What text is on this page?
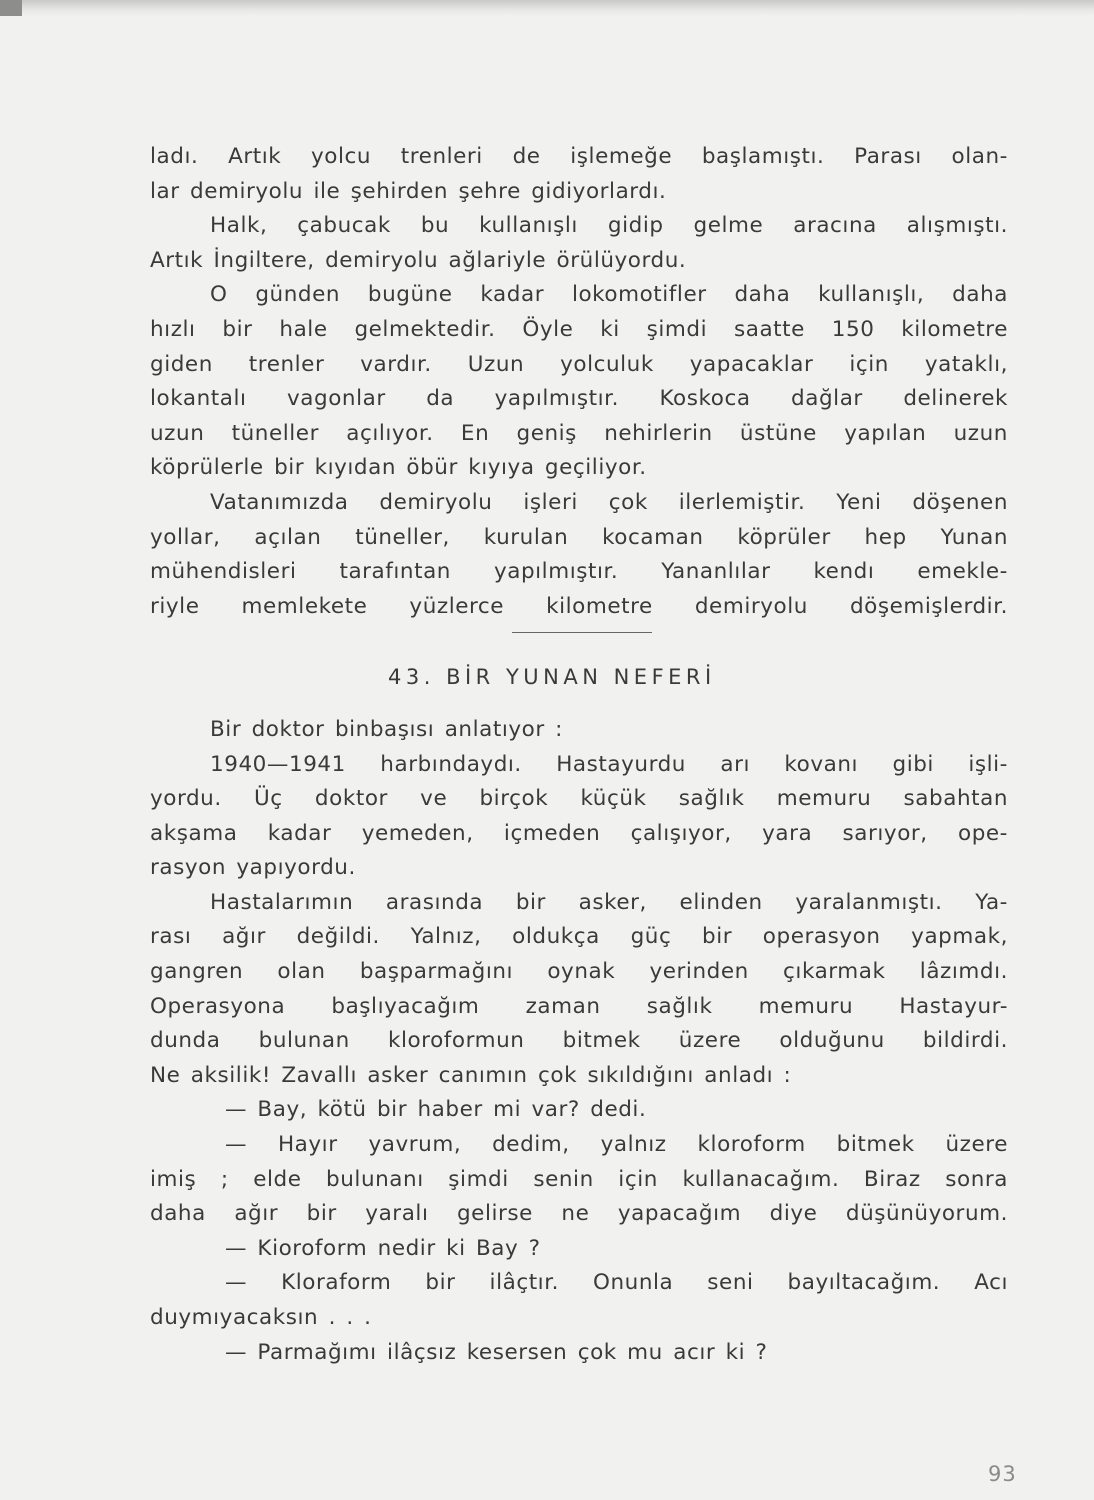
ladı. Artık yolcu trenleri de işlemeğe başlamıştı. Parası olan-
lar demiryolu ile şehirden şehre gidiyorlardı.
Halk, çabucak bu kullanışlı gidip gelme aracına alışmıştı.
Artık İngiltere, demiryolu ağlariyle örülüyordu.
O günden bugüne kadar lokomotifler daha kullanışlı, daha
hızlı bir hale gelmektedir. Öyle ki şimdi saatte 150 kilometre
giden trenler vardır. Uzun yolculuk yapacaklar için yataklı,
lokantalı vagonlar da yapılmıştır. Koskoca dağlar delinerek
uzun tüneller açılıyor. En geniş nehirlerin üstüne yapılan uzun
köprülerle bir kıyıdan öbür kıyıya geçiliyor.
Vatanımızda demiryolu işleri çok ilerlemiştir. Yeni döşenen
yollar, açılan tüneller, kurulan kocaman köprüler hep Yunan
mühendisleri tarafıntan yapılmıştır. Yananlılar kendı emekle-
riyle memlekete yüzlerce kilometre demiryolu döşemişlerdir.
43. BİR YUNAN NEFERİ
Bir doktor binbaşısı anlatıyor :
1940—1941 harbındaydı. Hastayurdu arı kovanı gibi işli-
yordu. Üç doktor ve birçok küçük sağlık memuru sabahtan
akşama kadar yemeden, içmeden çalışıyor, yara sarıyor, ope-
rasyon yapıyordu.
Hastalarımın arasında bir asker, elinden yaralanmıştı. Ya-
rası ağır değildi. Yalnız, oldukça güç bir operasyon yapmak,
gangren olan başparmağını oynak yerinden çıkarmak lâzımdı.
Operasyona başlıyacağım zaman sağlık memuru Hastayur-
dunda bulunan kloroformun bitmek üzere olduğunu bildirdi.
Ne aksilik! Zavallı asker canımın çok sıkıldığını anladı :
— Bay, kötü bir haber mi var? dedi.
— Hayır yavrum, dedim, yalnız kloroform bitmek üzere
imiş ; elde bulunanı şimdi senin için kullanacağım. Biraz sonra
daha ağır bir yaralı gelirse ne yapacağım diye düşünüyorum.
— Kioroform nedir ki Bay ?
— Kloraform bir ilâçtır. Onunla seni bayıltacağım. Acı
duymıyacaksın . . .
— Parmağımı ilâçsız kesersen çok mu acır ki ?
93
